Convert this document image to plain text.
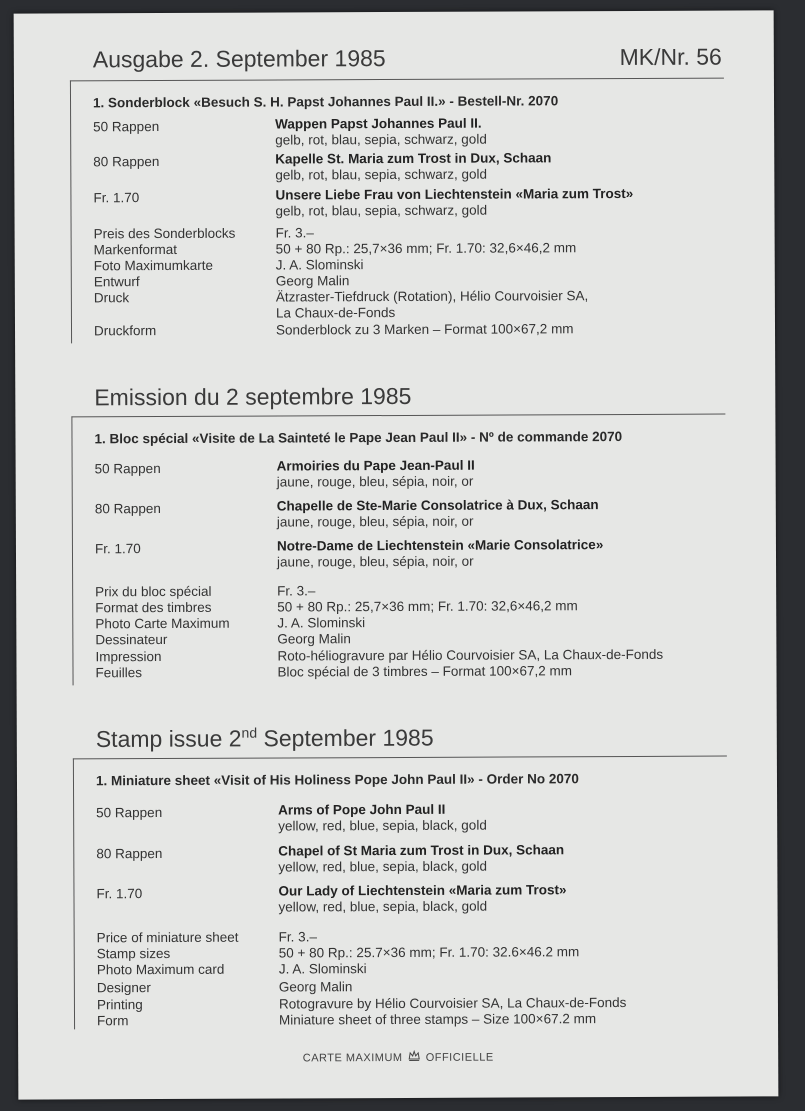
Ausgabe 2. September 1985	MK/Nr. 56
1. Sonderblock «Besuch S. H. Papst Johannes Paul II.» - Bestell-Nr. 2070
50 Rappen	Wappen Papst Johannes Paul II.
gelb, rot, blau, sepia, schwarz, gold
80 Rappen	Kapelle St. Maria zum Trost in Dux, Schaan
gelb, rot, blau, sepia, schwarz, gold
Fr. 1.70	Unsere Liebe Frau von Liechtenstein «Maria zum Trost»
gelb, rot, blau, sepia, schwarz, gold
Preis des Sonderblocks	Fr. 3.–
Markenformat	50 + 80 Rp.: 25,7×36 mm; Fr. 1.70: 32,6×46,2 mm
Foto Maximumkarte	J. A. Slominski
Entwurf	Georg Malin
Druck	Ätzraster-Tiefdruck (Rotation), Hélio Courvoisier SA,
La Chaux-de-Fonds
Druckform	Sonderblock zu 3 Marken – Format 100×67,2 mm
Emission du 2 septembre 1985
1. Bloc spécial «Visite de La Sainteté le Pape Jean Paul II» - Nº de commande 2070
50 Rappen	Armoiries du Pape Jean-Paul II
jaune, rouge, bleu, sépia, noir, or
80 Rappen	Chapelle de Ste-Marie Consolatrice à Dux, Schaan
jaune, rouge, bleu, sépia, noir, or
Fr. 1.70	Notre-Dame de Liechtenstein «Marie Consolatrice»
jaune, rouge, bleu, sépia, noir, or
Prix du bloc spécial	Fr. 3.–
Format des timbres	50 + 80 Rp.: 25,7×36 mm; Fr. 1.70: 32,6×46,2 mm
Photo Carte Maximum	J. A. Slominski
Dessinateur	Georg Malin
Impression	Roto-héliogravure par Hélio Courvoisier SA, La Chaux-de-Fonds
Feuilles	Bloc spécial de 3 timbres – Format 100×67,2 mm
Stamp issue 2nd September 1985
1. Miniature sheet «Visit of His Holiness Pope John Paul II» - Order No 2070
50 Rappen	Arms of Pope John Paul II
yellow, red, blue, sepia, black, gold
80 Rappen	Chapel of St Maria zum Trost in Dux, Schaan
yellow, red, blue, sepia, black, gold
Fr. 1.70	Our Lady of Liechtenstein «Maria zum Trost»
yellow, red, blue, sepia, black, gold
Price of miniature sheet	Fr. 3.–
Stamp sizes	50 + 80 Rp.: 25.7×36 mm; Fr. 1.70: 32.6×46.2 mm
Photo Maximum card	J. A. Slominski
Designer	Georg Malin
Printing	Rotogravure by Hélio Courvoisier SA, La Chaux-de-Fonds
Form	Miniature sheet of three stamps – Size 100×67.2 mm
CARTE MAXIMUM OFFICIELLE
